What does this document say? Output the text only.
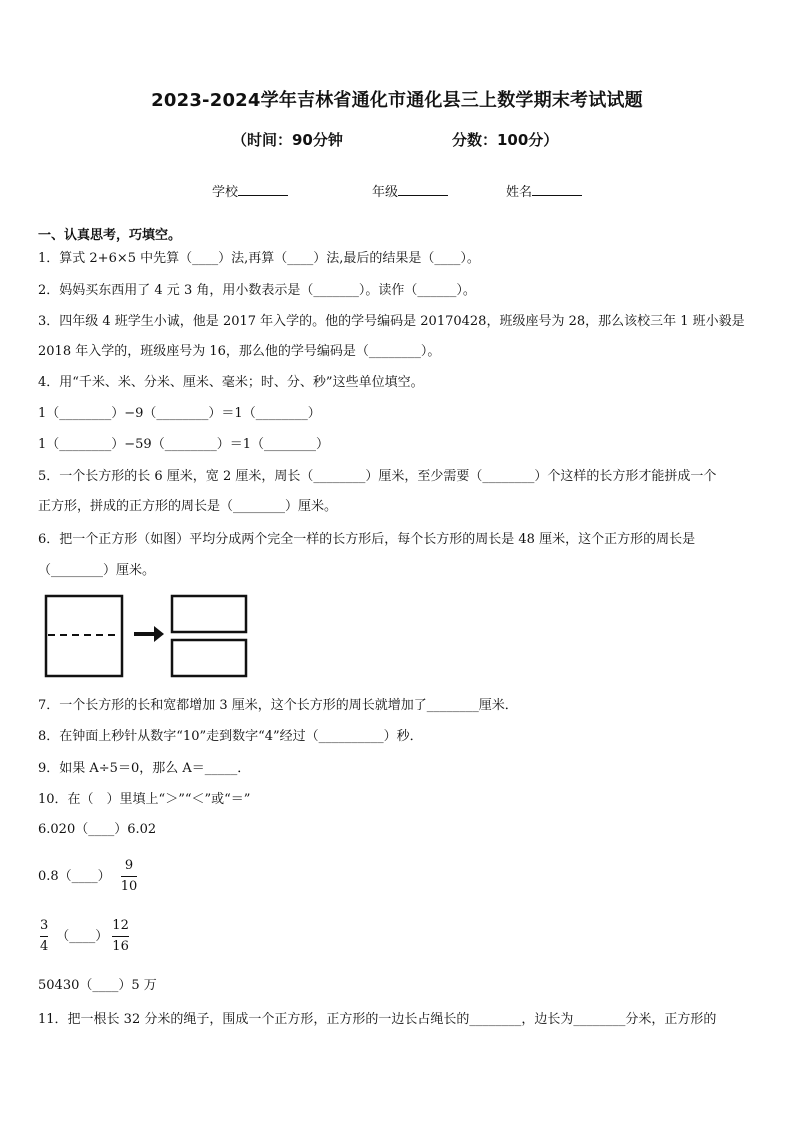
2023-2024学年吉林省通化市通化县三上数学期末考试试题
（时间：90分钟	分数：100分）
学校	年级	姓名
一、认真思考，巧填空。
1．算式 2+6×5 中先算（____）法,再算（____）法,最后的结果是（____）。
2．妈妈买东西用了 4 元 3 角，用小数表示是（_______）。读作（______）。
3．四年级 4 班学生小诚，他是 2017 年入学的。他的学号编码是 20170428，班级座号为 28，那么该校三年 1 班小毅是
2018 年入学的，班级座号为 16，那么他的学号编码是（________）。
4．用“千米、米、分米、厘米、毫米；时、分、秒”这些单位填空。
1（________）−9（________）＝1（________）
1（________）−59（________）＝1（________）
5．一个长方形的长 6 厘米，宽 2 厘米，周长（________）厘米，至少需要（________）个这样的长方形才能拼成一个
正方形，拼成的正方形的周长是（________）厘米。
6．把一个正方形（如图）平均分成两个完全一样的长方形后，每个长方形的周长是 48 厘米，这个正方形的周长是
（________）厘米。
7．一个长方形的长和宽都增加 3 厘米，这个长方形的周长就增加了________厘米．
8．在钟面上秒针从数字“10”走到数字“4”经过（__________）秒．
9．如果 A÷5＝0，那么 A＝_____．
10．在（　）里填上“＞”“＜”或“＝”
6.020（____）6.02
0.8（____） $\frac{9}{10}$
$\frac{3}{4}$ （____） $\frac{12}{16}$
50430（____）5 万
11．把一根长 32 分米的绳子，围成一个正方形，正方形的一边长占绳长的________，边长为________分米，正方形的
